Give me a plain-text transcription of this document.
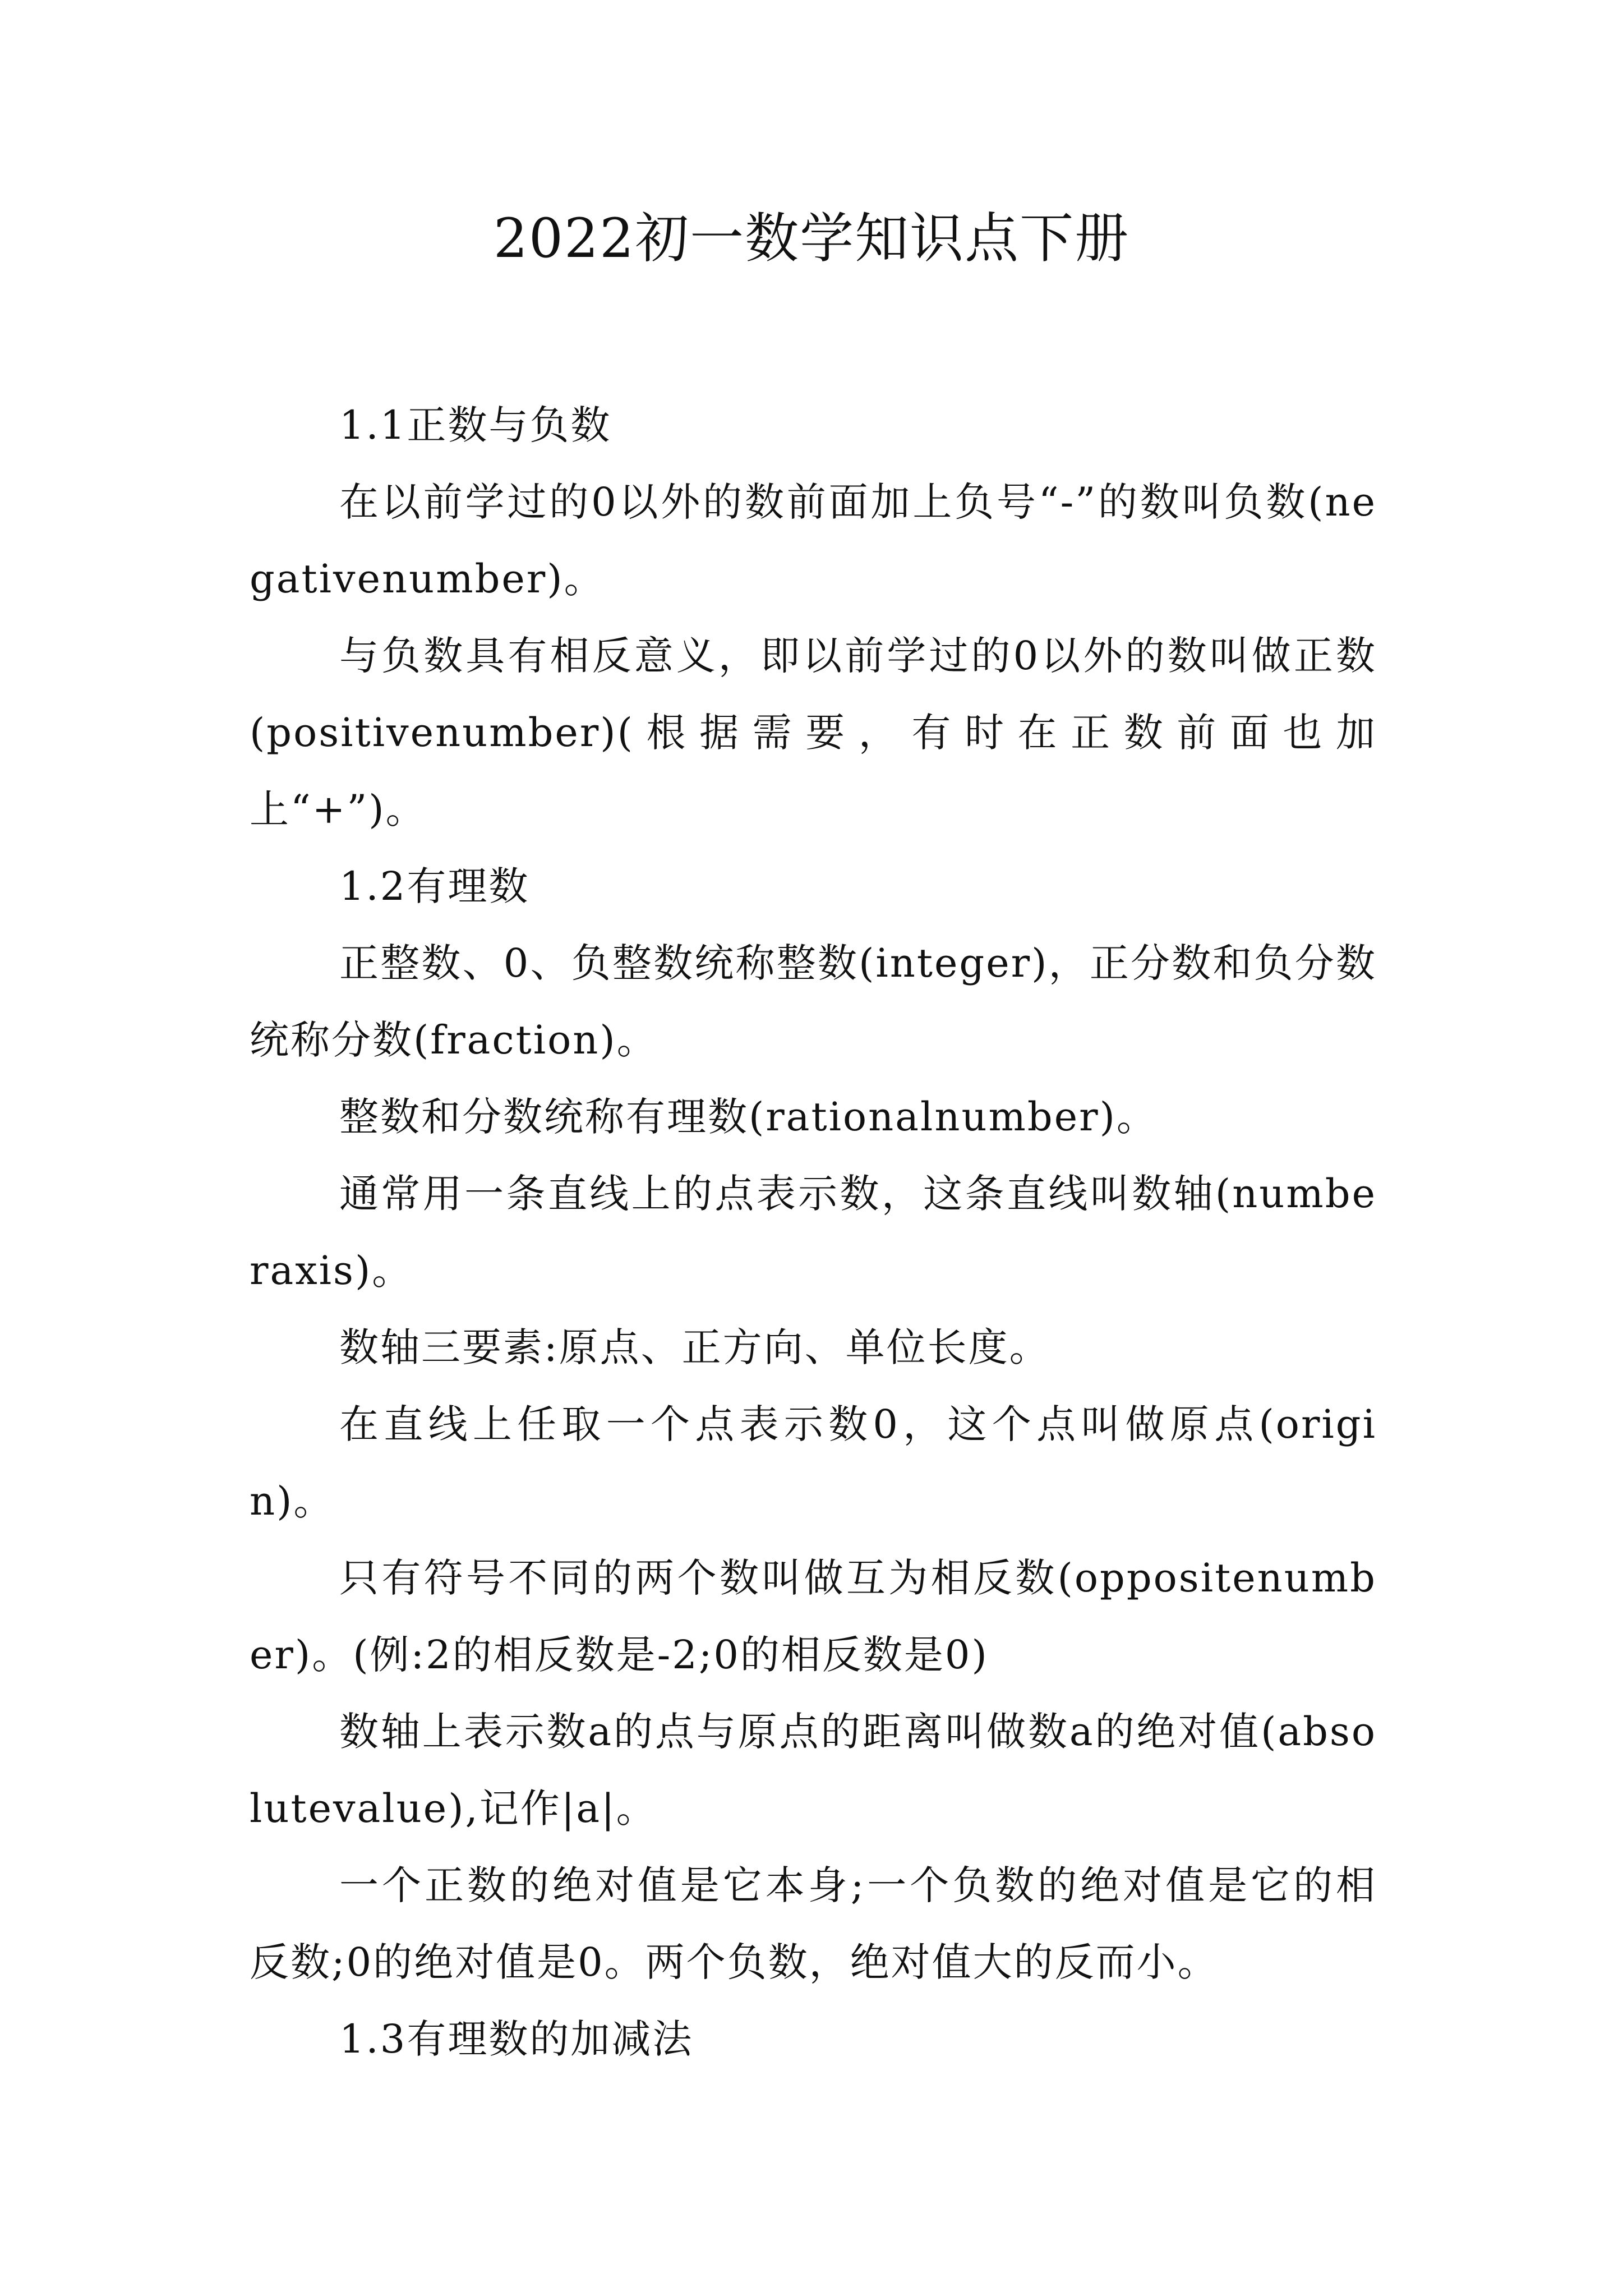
2022初一数学知识点下册

1.1正数与负数

在以前学过的0以外的数前面加上负号“-”的数叫负数(negativenumber)。

与负数具有相反意义，即以前学过的0以外的数叫做正数(positivenumber)(根据需要，有时在正数前面也加上“+”)。

1.2有理数

正整数、0、负整数统称整数(integer)，正分数和负分数统称分数(fraction)。

整数和分数统称有理数(rationalnumber)。

通常用一条直线上的点表示数，这条直线叫数轴(numberaxis)。

数轴三要素:原点、正方向、单位长度。

在直线上任取一个点表示数0，这个点叫做原点(origin)。

只有符号不同的两个数叫做互为相反数(oppositenumber)。(例:2的相反数是-2;0的相反数是0)

数轴上表示数a的点与原点的距离叫做数a的绝对值(absolutevalue),记作|a|。

一个正数的绝对值是它本身;一个负数的绝对值是它的相反数;0的绝对值是0。两个负数，绝对值大的反而小。

1.3有理数的加减法
